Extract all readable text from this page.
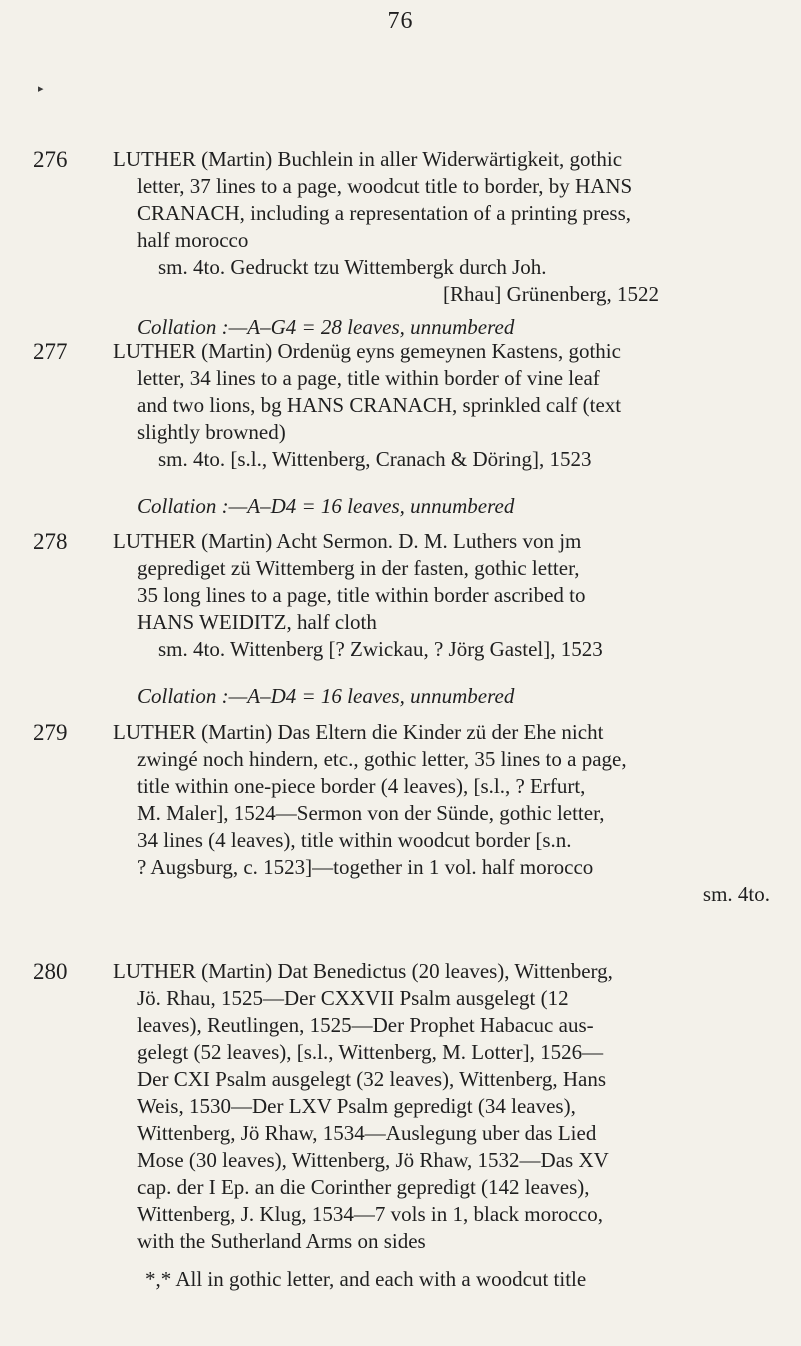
76
▸
276 LUTHER (Martin) Buchlein in aller Widerwärtigkeit, gothic
letter, 37 lines to a page, woodcut title to border, by HANS
CRANACH, including a representation of a printing press,
half morocco
sm. 4to. Gedruckt tzu Wittembergk durch Joh.
[Rhau] Grünenberg, 1522
Collation :—A–G4 = 28 leaves, unnumbered
277 LUTHER (Martin) Ordenüg eyns gemeynen Kastens, gothic
letter, 34 lines to a page, title within border of vine leaf
and two lions, bg HANS CRANACH, sprinkled calf (text
slightly browned)
sm. 4to. [s.l., Wittenberg, Cranach & Döring], 1523
Collation :—A–D4 = 16 leaves, unnumbered
278 LUTHER (Martin) Acht Sermon. D. M. Luthers von jm
geprediget zü Wittemberg in der fasten, gothic letter,
35 long lines to a page, title within border ascribed to
HANS WEIDITZ, half cloth
sm. 4to. Wittenberg [? Zwickau, ? Jörg Gastel], 1523
Collation :—A–D4 = 16 leaves, unnumbered
279 LUTHER (Martin) Das Eltern die Kinder zü der Ehe nicht
zwingé noch hindern, etc., gothic letter, 35 lines to a page,
title within one-piece border (4 leaves), [s.l., ? Erfurt,
M. Maler], 1524—Sermon von der Sünde, gothic letter,
34 lines (4 leaves), title within woodcut border [s.n.
? Augsburg, c. 1523]—together in 1 vol. half morocco
sm. 4to.
280 LUTHER (Martin) Dat Benedictus (20 leaves), Wittenberg,
Jö. Rhau, 1525—Der CXXVII Psalm ausgelegt (12
leaves), Reutlingen, 1525—Der Prophet Habacuc aus-
gelegt (52 leaves), [s.l., Wittenberg, M. Lotter], 1526—
Der CXI Psalm ausgelegt (32 leaves), Wittenberg, Hans
Weis, 1530—Der LXV Psalm gepredigt (34 leaves),
Wittenberg, Jö Rhaw, 1534—Auslegung uber das Lied
Mose (30 leaves), Wittenberg, Jö Rhaw, 1532—Das XV
cap. der I Ep. an die Corinther gepredigt (142 leaves),
Wittenberg, J. Klug, 1534—7 vols in 1, black morocco,
with the Sutherland Arms on sides
*,* All in gothic letter, and each with a woodcut title
